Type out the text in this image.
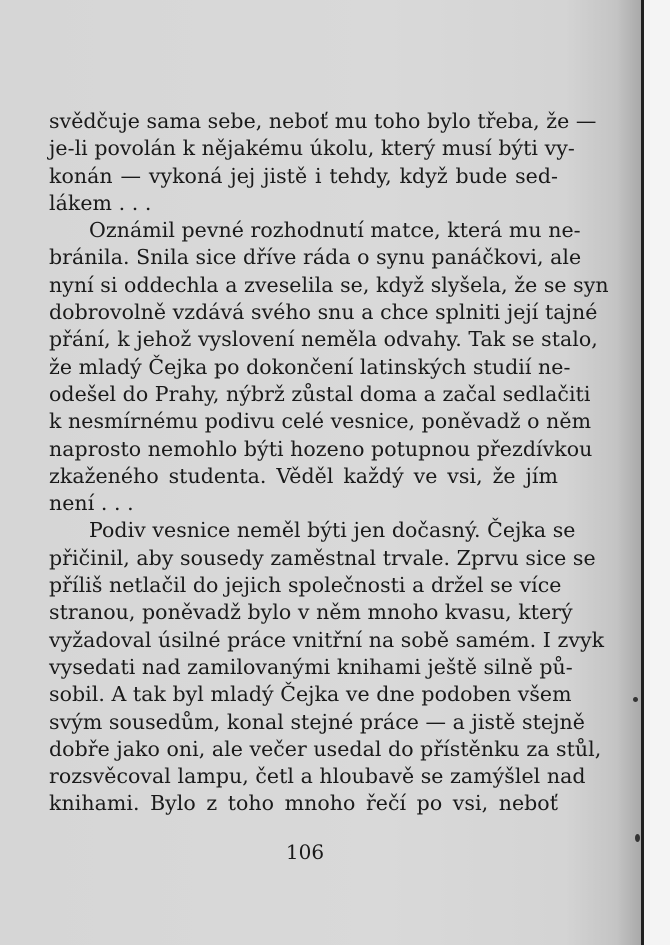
svědčuje sama sebe, neboť mu toho bylo třeba, že —
je-li povolán k nějakému úkolu, který musí býti vy-
konán — vykoná jej jistě i tehdy, když bude sed-
lákem . . .
Oznámil pevné rozhodnutí matce, která mu ne-
bránila. Snila sice dříve ráda o synu panáčkovi, ale
nyní si oddechla a zveselila se, když slyšela, že se syn
dobrovolně vzdává svého snu a chce splniti její tajné
přání, k jehož vyslovení neměla odvahy. Tak se stalo,
že mladý Čejka po dokončení latinských studií ne-
odešel do Prahy, nýbrž zůstal doma a začal sedlačiti
k nesmírnému podivu celé vesnice, poněvadž o něm
naprosto nemohlo býti hozeno potupnou přezdívkou
zkaženého studenta. Věděl každý ve vsi, že jím
není . . .
Podiv vesnice neměl býti jen dočasný. Čejka se
přičinil, aby sousedy zaměstnal trvale. Zprvu sice se
příliš netlačil do jejich společnosti a držel se více
stranou, poněvadž bylo v něm mnoho kvasu, který
vyžadoval úsilné práce vnitřní na sobě samém. I zvyk
vysedati nad zamilovanými knihami ještě silně pů-
sobil. A tak byl mladý Čejka ve dne podoben všem
svým sousedům, konal stejné práce — a jistě stejně
dobře jako oni, ale večer usedal do přístěnku za stůl,
rozsvěcoval lampu, četl a hloubavě se zamýšlel nad
knihami. Bylo z toho mnoho řečí po vsi, neboť
106
